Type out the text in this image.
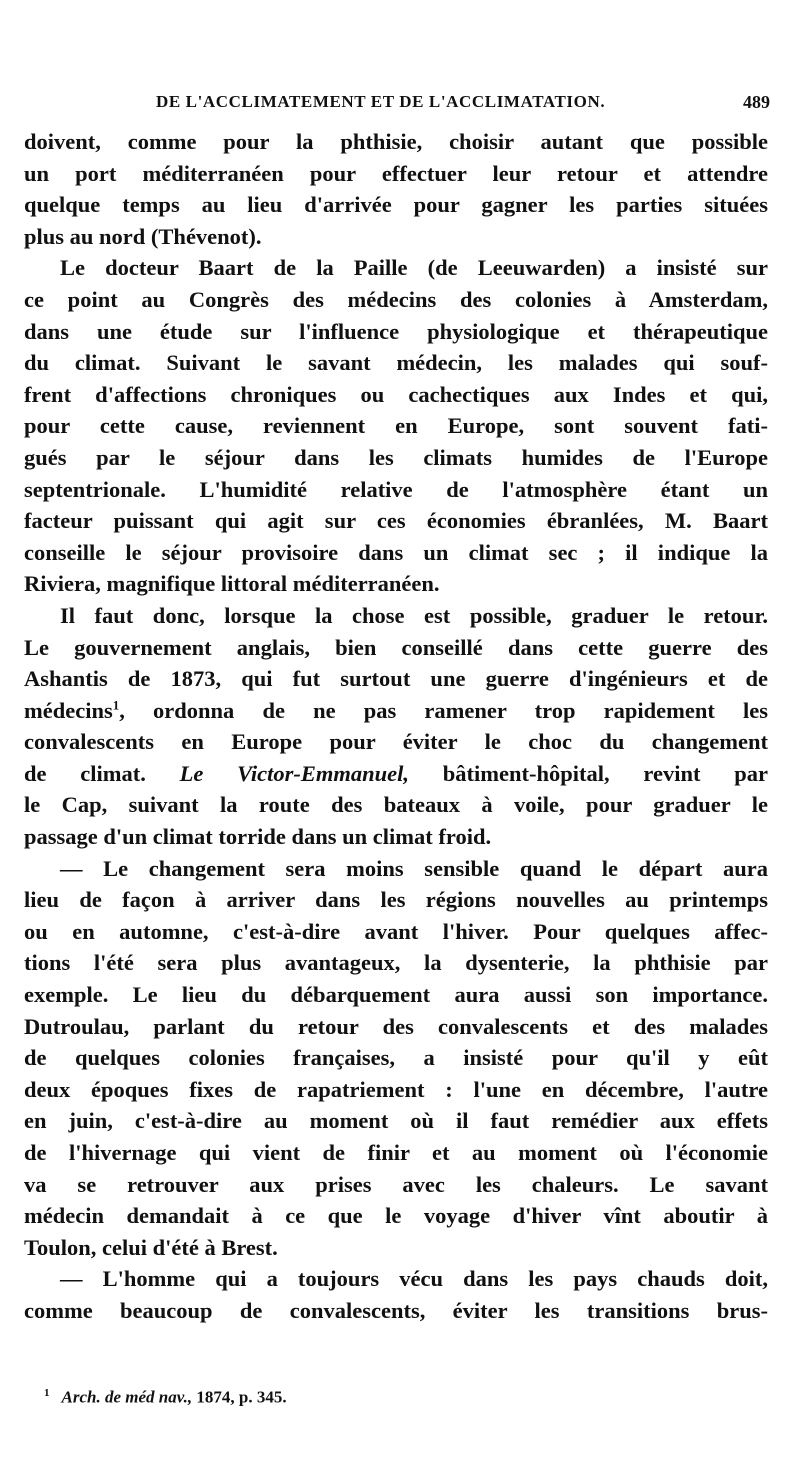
DE L'ACCLIMATEMENT ET DE L'ACCLIMATATION.	489
doivent, comme pour la phthisie, choisir autant que possible
un port méditerranéen pour effectuer leur retour et attendre
quelque temps au lieu d'arrivée pour gagner les parties situées
plus au nord (Thévenot).
Le docteur Baart de la Paille (de Leeuwarden) a insisté sur
ce point au Congrès des médecins des colonies à Amsterdam,
dans une étude sur l'influence physiologique et thérapeutique
du climat. Suivant le savant médecin, les malades qui souf-
frent d'affections chroniques ou cachectiques aux Indes et qui,
pour cette cause, reviennent en Europe, sont souvent fati-
gués par le séjour dans les climats humides de l'Europe
septentrionale. L'humidité relative de l'atmosphère étant un
facteur puissant qui agit sur ces économies ébranlées, M. Baart
conseille le séjour provisoire dans un climat sec ; il indique la
Riviera, magnifique littoral méditerranéen.
Il faut donc, lorsque la chose est possible, graduer le retour.
Le gouvernement anglais, bien conseillé dans cette guerre des
Ashantis de 1873, qui fut surtout une guerre d'ingénieurs et de
médecins$^1$, ordonna de ne pas ramener trop rapidement les
convalescents en Europe pour éviter le choc du changement
de climat. Le Victor-Emmanuel, bâtiment-hôpital, revint par
le Cap, suivant la route des bateaux à voile, pour graduer le
passage d'un climat torride dans un climat froid.
— Le changement sera moins sensible quand le départ aura
lieu de façon à arriver dans les régions nouvelles au printemps
ou en automne, c'est-à-dire avant l'hiver. Pour quelques affec-
tions l'été sera plus avantageux, la dysenterie, la phthisie par
exemple. Le lieu du débarquement aura aussi son importance.
Dutroulau, parlant du retour des convalescents et des malades
de quelques colonies françaises, a insisté pour qu'il y eût
deux époques fixes de rapatriement : l'une en décembre, l'autre
en juin, c'est-à-dire au moment où il faut remédier aux effets
de l'hivernage qui vient de finir et au moment où l'économie
va se retrouver aux prises avec les chaleurs. Le savant
médecin demandait à ce que le voyage d'hiver vînt aboutir à
Toulon, celui d'été à Brest.
— L'homme qui a toujours vécu dans les pays chauds doit,
comme beaucoup de convalescents, éviter les transitions brus-
$^1$ Arch. de méd nav., 1874, p. 345.
